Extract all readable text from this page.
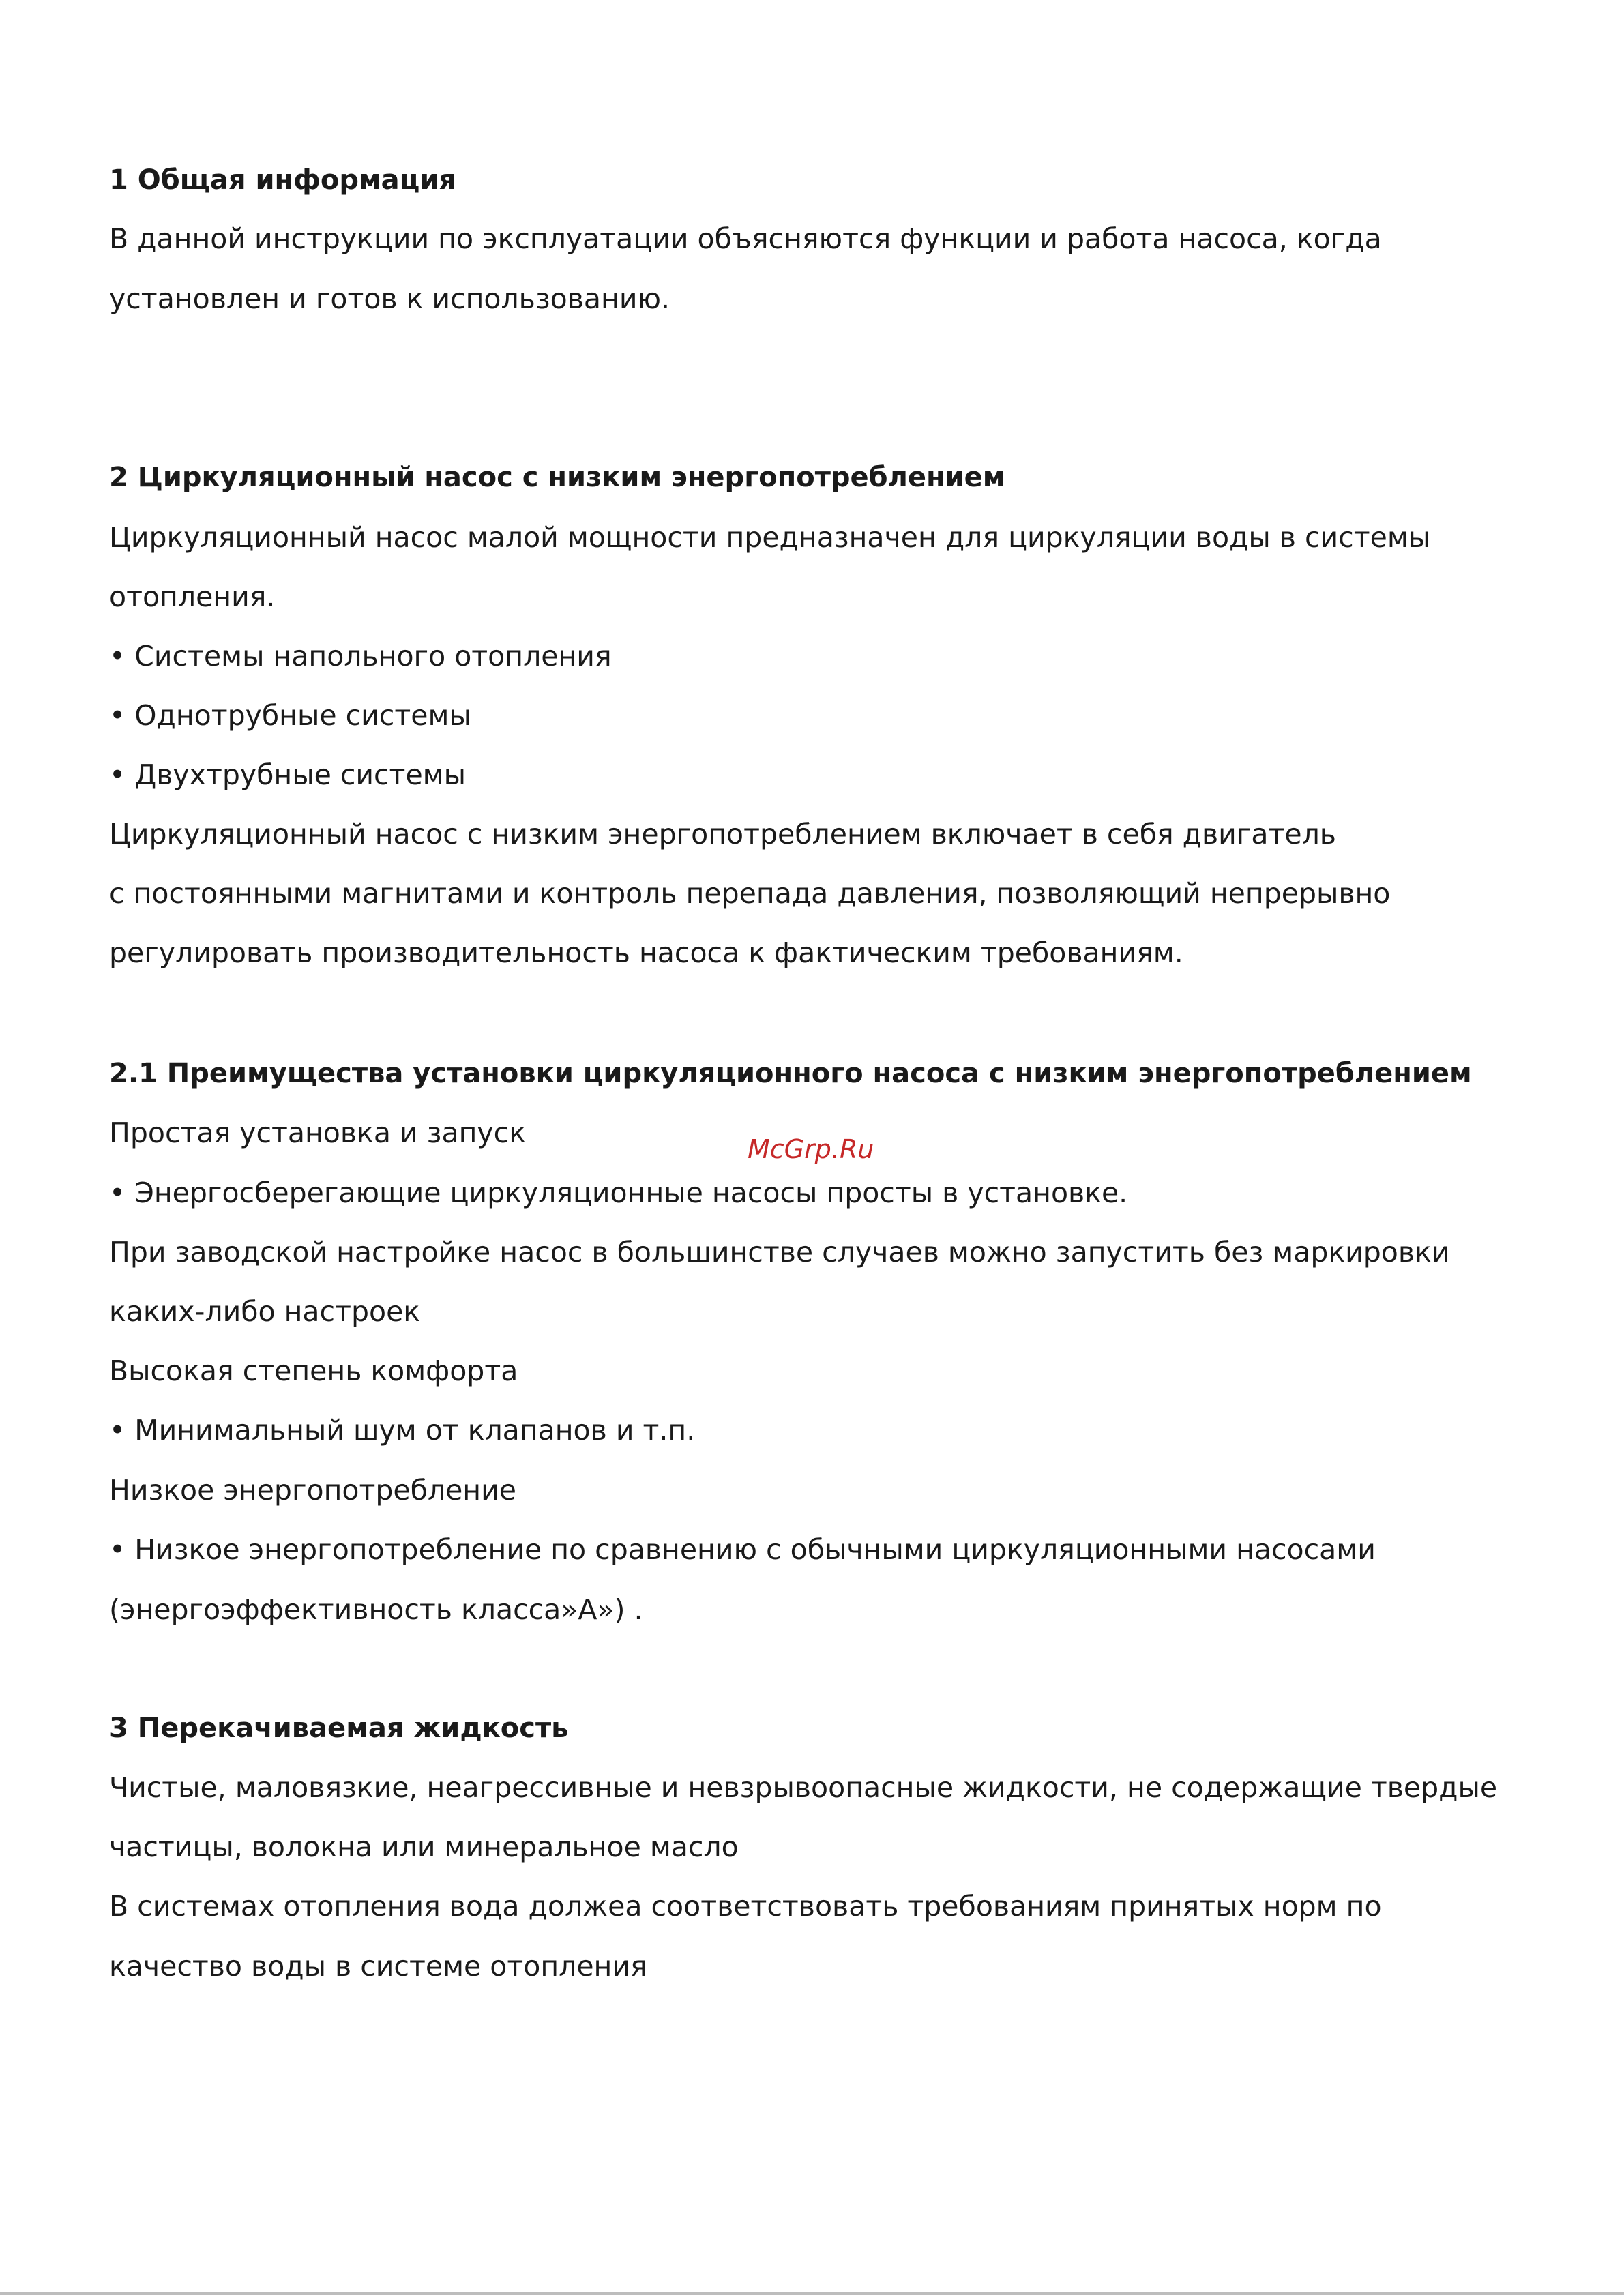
1 Общая информация
В данной инструкции по эксплуатации объясняются функции и работа насоса, когда
установлен и готов к использованию.
2 Циркуляционный насос с низким энергопотреблением
Циркуляционный насос малой мощности предназначен для циркуляции воды в системы
отопления.
• Системы напольного отопления
• Однотрубные системы
• Двухтрубные системы
Циркуляционный насос с низким энергопотреблением включает в себя двигатель
с постоянными магнитами и контроль перепада давления, позволяющий непрерывно
регулировать производительность насоса к фактическим требованиям.
2.1 Преимущества установки циркуляционного насоса с низким энергопотреблением
Простая установка и запуск
• Энергосберегающие циркуляционные насосы просты в установке.
При заводской настройке насос в большинстве случаев можно запустить без маркировки
каких-либо настроек
Высокая степень комфорта
• Минимальный шум от клапанов и т.п.
Низкое энергопотребление
• Низкое энергопотребление по сравнению с обычными циркуляционными насосами
(энергоэффективность класса»А») .
3 Перекачиваемая жидкость
Чистые, маловязкие, неагрессивные и невзрывоопасные жидкости, не содержащие твердые
частицы, волокна или минеральное масло
В системах отопления вода должеа соответствовать требованиям принятых норм по
качество воды в системе отопления
McGrp.Ru
